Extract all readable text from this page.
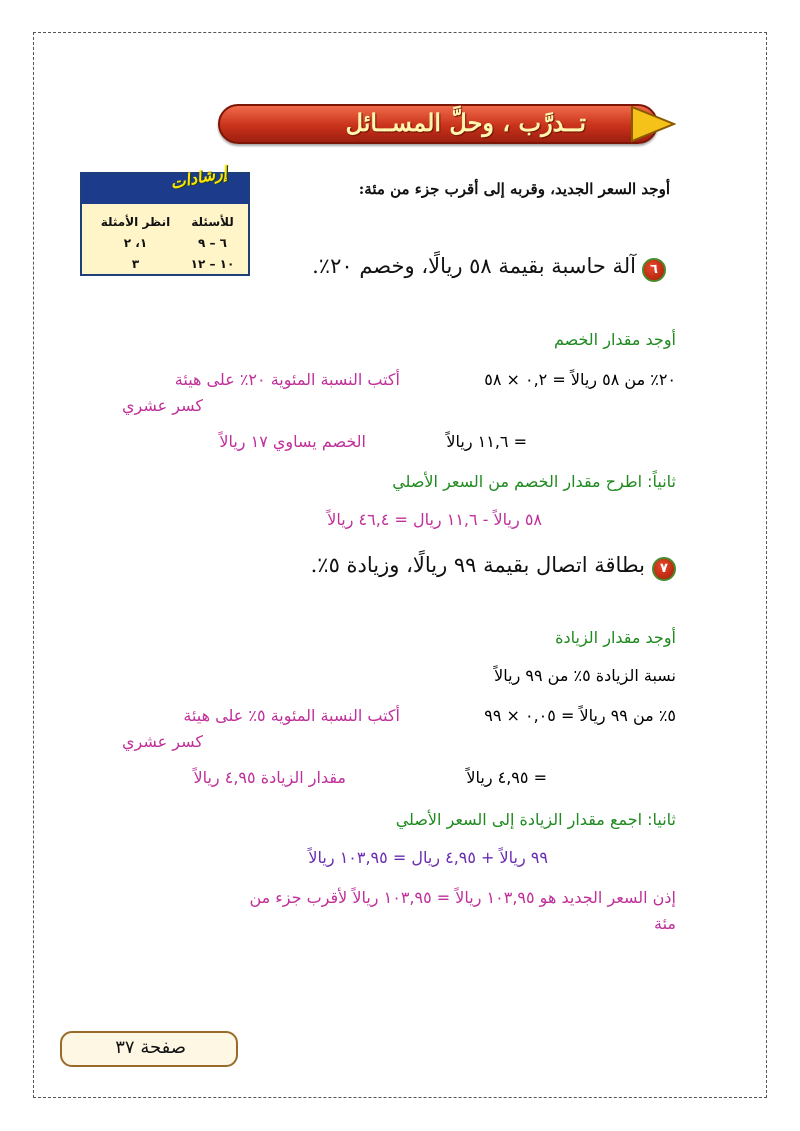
تــدرَّب ، وحلَّ المســائل
للأسئلة	انظر الأمثلة
٦ – ٩	١، ٢
١٠ – ١٢	٣
للأسئلة
إرشادات	أوجد السعر الجديد، وقربه إلى أقرب جزء من مئة:
٦
آلة حاسبة بقيمة ٥٨ ريالًا، وخصم ٢٠٪.
أوجد مقدار الخصم
٢٠٪ من ٥٨ ريالاً = ٠,٢ × ٥٨
أكتب النسبة المئوية ٢٠٪ على هيئة
كسر عشري
= ١١,٦ ريالاً
الخصم يساوي ١٧ ريالاً
ثانياً: اطرح مقدار الخصم من السعر الأصلي
٥٨ ريالاً - ١١,٦ ريال = ٤٦,٤ ريالاً
٧
بطاقة اتصال بقيمة ٩٩ ريالًا، وزيادة ٥٪.
أوجد مقدار الزيادة
نسبة الزيادة ٥٪ من ٩٩ ريالاً
٥٪ من ٩٩ ريالاً = ٠,٠٥ × ٩٩
أكتب النسبة المئوية ٥٪ على هيئة
كسر عشري
= ٤,٩٥ ريالاً
مقدار الزيادة ٤,٩٥ ريالاً
ثانيا: اجمع مقدار الزيادة إلى السعر الأصلي
٩٩ ريالاً + ٤,٩٥ ريال = ١٠٣,٩٥ ريالاً
إذن السعر الجديد هو ١٠٣,٩٥ ريالاً = ١٠٣,٩٥ ريالاً لأقرب جزء من
مئة
صفحة ٣٧
